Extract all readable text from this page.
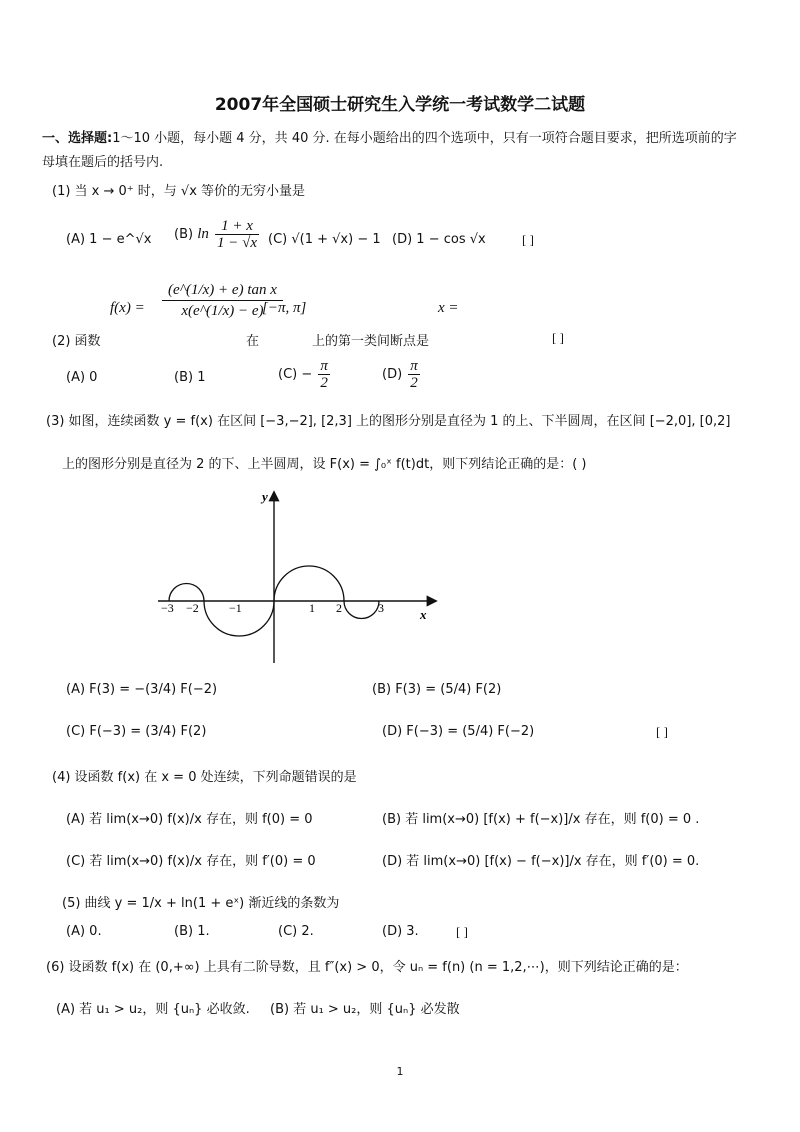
2007年全国硕士研究生入学统一考试数学二试题
一、选择题:1～10 小题，每小题 4 分，共 40 分. 在每小题给出的四个选项中，只有一项符合题目要求，把所选项前的字
母填在题后的括号内.
(1) 当 x → 0⁺ 时，与 √x 等价的无穷小量是
(A) 1 − e^√x (B) $\ln \frac{1 + x}{1 - √x} (C) √(1 + √x) - 1$ (D) 1 − cos √x	[ ]
$f(x) = \frac{\text{(e\textasciicircum{}(1/x) + e) tan x}}{x(e\^{}(1/x) - e)}$
[−π, π]	x =
(2) 函数	在	上的第一类间断点是	[ ]
(A) 0	(B) 1	$(C) - \frac{\pi}{2}$	$(D) \frac{\pi}{2}$
(3) 如图，连续函数 y = f(x) 在区间 [−3,−2], [2,3] 上的图形分别是直径为 1 的上、下半圆周，在区间 [−2,0], [0,2]
上的图形分别是直径为 2 的下、上半圆周，设 F(x) = ∫₀ˣ f(t)dt，则下列结论正确的是：( )
y
x
−3 −2	−1	1 2	3
(A) F(3) = −(3/4) F(−2)	(B) F(3) = (5/4) F(2)
(C) F(−3) = (3/4) F(2)	(D) F(−3) = (5/4) F(−2)	[ ]
(4) 设函数 f(x) 在 x = 0 处连续，下列命题错误的是
(A) 若 lim(x→0) f(x)/x 存在，则 f(0) = 0	(B) 若 lim(x→0) [f(x) + f(−x)]/x 存在，则 f(0) = 0 .
(C) 若 lim(x→0) f(x)/x 存在，则 f′(0) = 0	(D) 若 lim(x→0) [f(x) − f(−x)]/x 存在，则 f′(0) = 0.
(5) 曲线 y = 1/x + ln(1 + eˣ) 渐近线的条数为
(A) 0.	(B) 1.	(C) 2.	(D) 3.	[ ]
(6) 设函数 f(x) 在 (0,+∞) 上具有二阶导数，且 f″(x) > 0，令 uₙ = f(n) (n = 1,2,⋯)，则下列结论正确的是：
(A) 若 u₁ > u₂，则 {uₙ} 必收敛. (B) 若 u₁ > u₂，则 {uₙ} 必发散
1
